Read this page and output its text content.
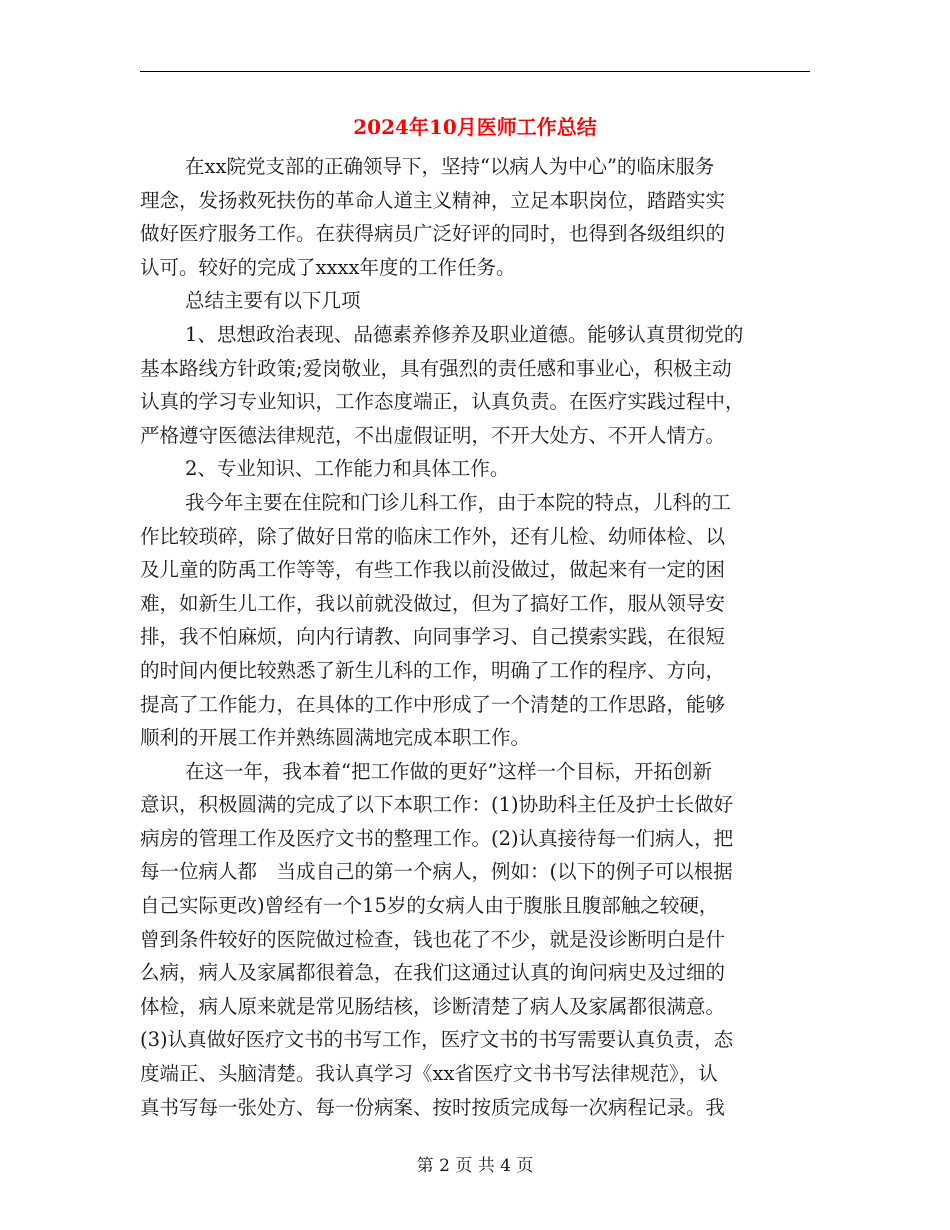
2024年10月医师工作总结
在xx院党支部的正确领导下，坚持“以病人为中心”的临床服务
理念，发扬救死扶伤的革命人道主义精神，立足本职岗位，踏踏实实
做好医疗服务工作。在获得病员广泛好评的同时，也得到各级组织的
认可。较好的完成了xxxx年度的工作任务。
总结主要有以下几项
1、思想政治表现、品德素养修养及职业道德。能够认真贯彻党的
基本路线方针政策;爱岗敬业，具有强烈的责任感和事业心，积极主动
认真的学习专业知识，工作态度端正，认真负责。在医疗实践过程中，
严格遵守医德法律规范，不出虚假证明，不开大处方、不开人情方。
2、专业知识、工作能力和具体工作。
我今年主要在住院和门诊儿科工作，由于本院的特点，儿科的工
作比较琐碎，除了做好日常的临床工作外，还有儿检、幼师体检、以
及儿童的防禹工作等等，有些工作我以前没做过，做起来有一定的困
难，如新生儿工作，我以前就没做过，但为了搞好工作，服从领导安
排，我不怕麻烦，向内行请教、向同事学习、自己摸索实践，在很短
的时间内便比较熟悉了新生儿科的工作，明确了工作的程序、方向，
提高了工作能力，在具体的工作中形成了一个清楚的工作思路，能够
顺利的开展工作并熟练圆满地完成本职工作。
在这一年，我本着“把工作做的更好”这样一个目标，开拓创新
意识，积极圆满的完成了以下本职工作：(1)协助科主任及护士长做好
病房的管理工作及医疗文书的整理工作。(2)认真接待每一们病人，把
每一位病人都　当成自己的第一个病人，例如：(以下的例子可以根据
自己实际更改)曾经有一个15岁的女病人由于腹胀且腹部触之较硬，
曾到条件较好的医院做过检查，钱也花了不少，就是没诊断明白是什
么病，病人及家属都很着急，在我们这通过认真的询问病史及过细的
体检，病人原来就是常见肠结核，诊断清楚了病人及家属都很满意。
(3)认真做好医疗文书的书写工作，医疗文书的书写需要认真负责，态
度端正、头脑清楚。我认真学习《xx省医疗文书书写法律规范》，认
真书写每一张处方、每一份病案、按时按质完成每一次病程记录。我
第 2 页 共 4 页
